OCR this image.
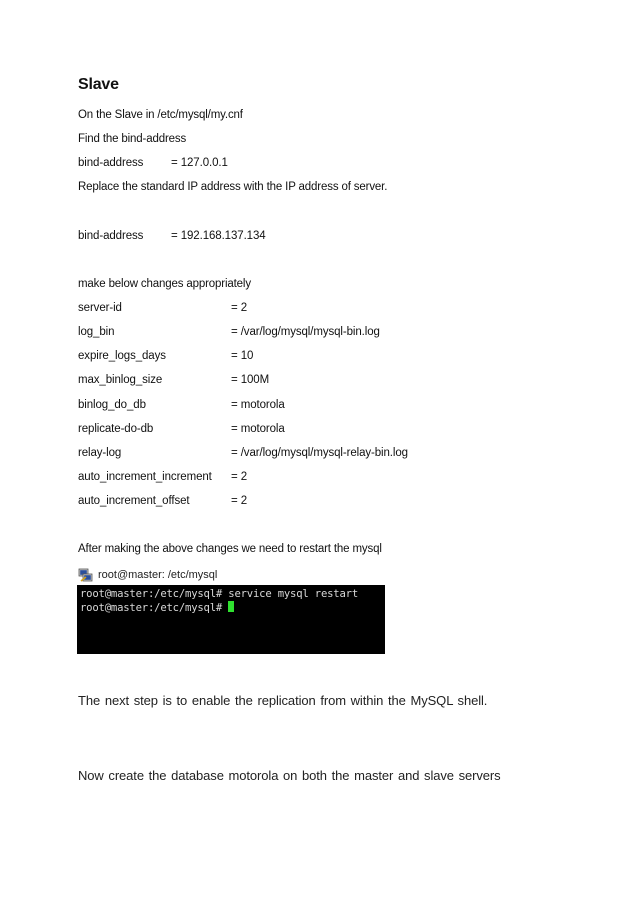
Slave
On the Slave in /etc/mysql/my.cnf
Find the bind-address
bind-address = 127.0.0.1
Replace the standard IP address with the IP address of server.
bind-address = 192.168.137.134
make below changes appropriately
server-id	= 2
log_bin	= /var/log/mysql/mysql-bin.log
expire_logs_days	= 10
max_binlog_size	= 100M
binlog_do_db	= motorola
replicate-do-db	= motorola
relay-log	= /var/log/mysql/mysql-relay-bin.log
auto_increment_increment = 2
auto_increment_offset	= 2
After making the above changes we need to restart the mysql
root@master: /etc/mysql
root@master:/etc/mysql# service mysql restart
root@master:/etc/mysql#
The next step is to enable the replication from within the MySQL shell.
Now create the database motorola on both the master and slave servers
